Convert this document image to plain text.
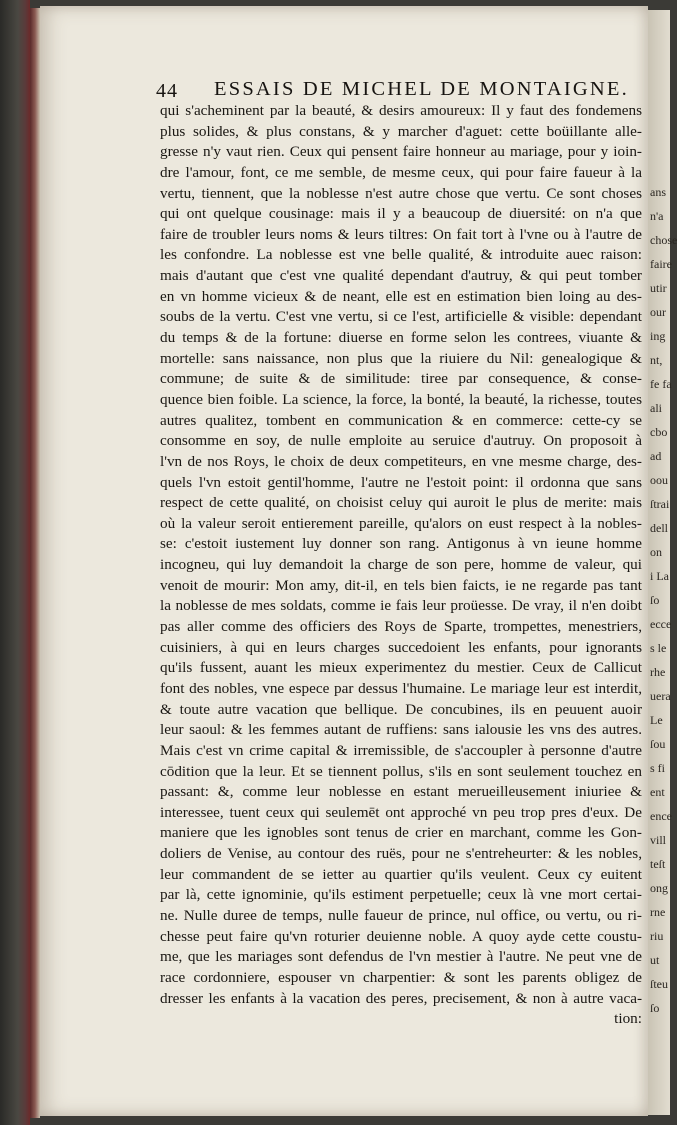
ans
n'a
chose
faire
utir
our
ing
nt,
fe fa
ali
cbo
ad
oou
ſtrai
dell
on
i La
ſo
ecce
s le
rhe
uera
Le
ſou
s fi
ent
ence
vill
teſt
ong
rne
riu
ut
ſteu
ſo
44 ESSAIS DE MICHEL DE MONTAIGNE.
qui s'acheminent par la beauté, & desirs amoureux: Il y faut des fondemens
plus solides, & plus constans, & y marcher d'aguet: cette boüillante alle-
gresse n'y vaut rien. Ceux qui pensent faire honneur au mariage, pour y ioin-
dre l'amour, font, ce me semble, de mesme ceux, qui pour faire faueur à la
vertu, tiennent, que la noblesse n'est autre chose que vertu. Ce sont choses
qui ont quelque cousinage: mais il y a beaucoup de diuersité: on n'a que
faire de troubler leurs noms & leurs tiltres: On fait tort à l'vne ou à l'autre de
les confondre. La noblesse est vne belle qualité, & introduite auec raison:
mais d'autant que c'est vne qualité dependant d'autruy, & qui peut tomber
en vn homme vicieux & de neant, elle est en estimation bien loing au des-
soubs de la vertu. C'est vne vertu, si ce l'est, artificielle & visible: dependant
du temps & de la fortune: diuerse en forme selon les contrees, viuante &
mortelle: sans naissance, non plus que la riuiere du Nil: genealogique &
commune; de suite & de similitude: tiree par consequence, & conse-
quence bien foible. La science, la force, la bonté, la beauté, la richesse, toutes
autres qualitez, tombent en communication & en commerce: cette-cy se
consomme en soy, de nulle emploite au seruice d'autruy. On proposoit à
l'vn de nos Roys, le choix de deux competiteurs, en vne mesme charge, des-
quels l'vn estoit gentil'homme, l'autre ne l'estoit point: il ordonna que sans
respect de cette qualité, on choisist celuy qui auroit le plus de merite: mais
où la valeur seroit entierement pareille, qu'alors on eust respect à la nobles-
se: c'estoit iustement luy donner son rang. Antigonus à vn ieune homme
incogneu, qui luy demandoit la charge de son pere, homme de valeur, qui
venoit de mourir: Mon amy, dit-il, en tels bien faicts, ie ne regarde pas tant
la noblesse de mes soldats, comme ie fais leur proüesse. De vray, il n'en doibt
pas aller comme des officiers des Roys de Sparte, trompettes, menestriers,
cuisiniers, à qui en leurs charges succedoient les enfants, pour ignorants
qu'ils fussent, auant les mieux experimentez du mestier. Ceux de Callicut
font des nobles, vne espece par dessus l'humaine. Le mariage leur est interdit,
& toute autre vacation que bellique. De concubines, ils en peuuent auoir
leur saoul: & les femmes autant de ruffiens: sans ialousie les vns des autres.
Mais c'est vn crime capital & irremissible, de s'accoupler à personne d'autre
cōdition que la leur. Et se tiennent pollus, s'ils en sont seulement touchez en
passant: &, comme leur noblesse en estant merueilleusement iniuriee &
interessee, tuent ceux qui seulemēt ont approché vn peu trop pres d'eux. De
maniere que les ignobles sont tenus de crier en marchant, comme les Gon-
doliers de Venise, au contour des ruës, pour ne s'entreheurter: & les nobles,
leur commandent de se ietter au quartier qu'ils veulent. Ceux cy euitent
par là, cette ignominie, qu'ils estiment perpetuelle; ceux là vne mort certai-
ne. Nulle duree de temps, nulle faueur de prince, nul office, ou vertu, ou ri-
chesse peut faire qu'vn roturier deuienne noble. A quoy ayde cette coustu-
me, que les mariages sont defendus de l'vn mestier à l'autre. Ne peut vne de
race cordonniere, espouser vn charpentier: & sont les parents obligez de
dresser les enfants à la vacation des peres, precisement, & non à autre vaca-
tion:
